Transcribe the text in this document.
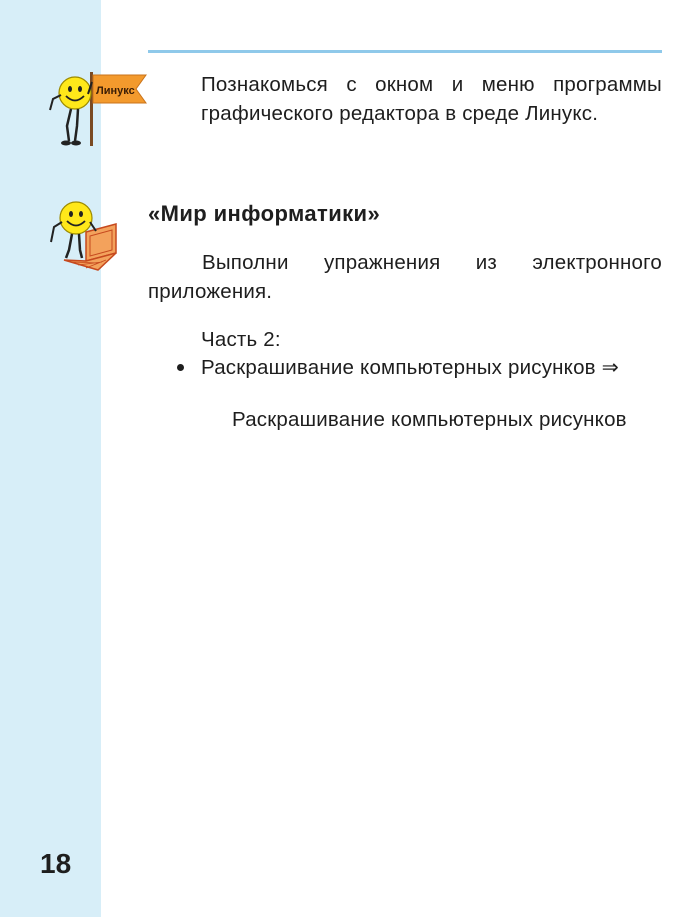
Линукс	Познакомься с окном и меню программы графического редактора в среде Линукс.

«Мир информатики»

Выполни упражнения из электронного приложения.

Часть 2:

Раскрашивание компьютерных рисунков ⇒

Раскрашивание компьютерных рисунков

18
